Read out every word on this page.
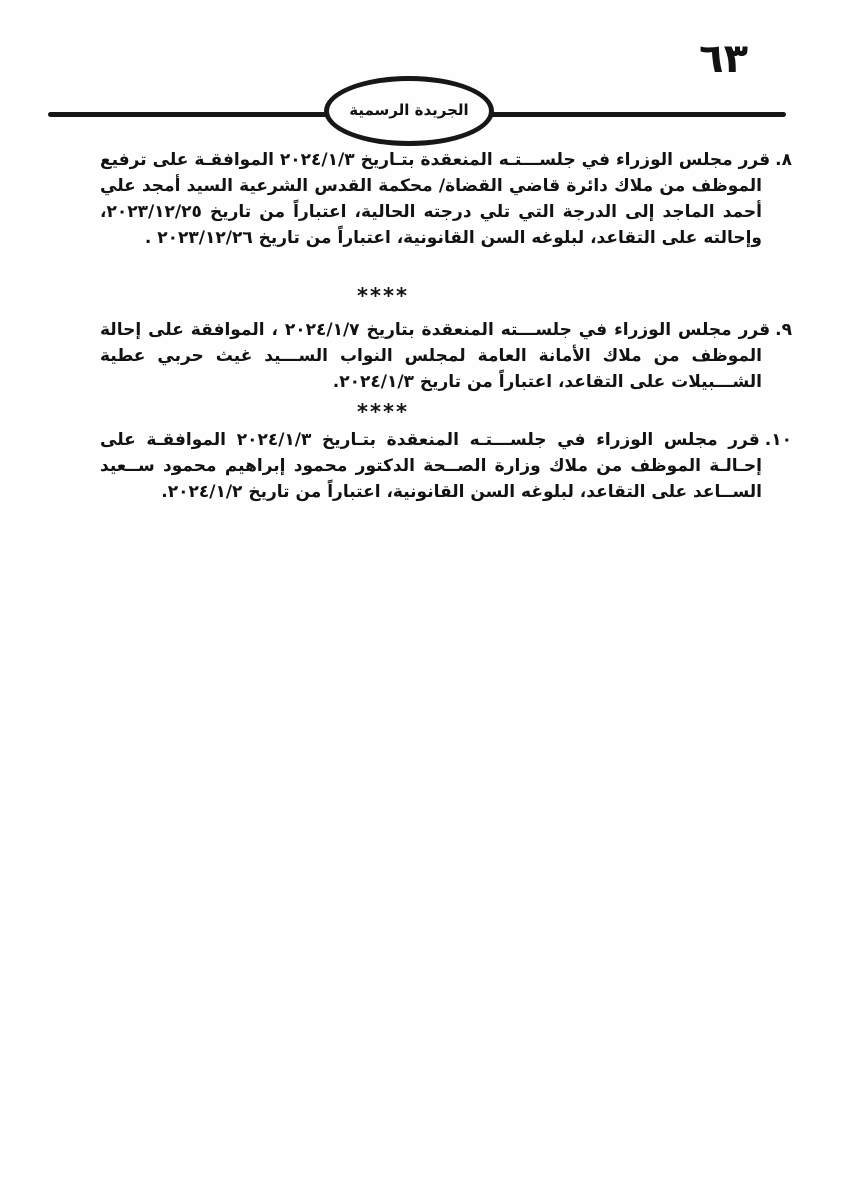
٦٣
الجريدة الرسمية

٨.قرر مجلس الوزراء في جلســـتـه المنعقدة بتـاريخ ٢٠٢٤/١/٣ الموافقـة على ترفيع الموظف من ملاك دائرة قاضي القضاة/ محكمة القدس الشرعية السيد أمجد علي أحمد الماجد إلى الدرجة التي تلي درجته الحالية، اعتباراً من تاريخ ٢٠٢٣/١٢/٢٥، وإحالته على التقاعد، لبلوغه السن القانونية، اعتباراً من تاريخ ٢٠٢٣/١٢/٢٦ .

****

٩.قرر مجلس الوزراء في جلســـته المنعقدة بتاريخ ٢٠٢٤/١/٧ ، الموافقة على إحالة الموظف من ملاك الأمانة العامة لمجلس النواب الســـيد غيث حربي عطية الشـــبيلات على التقاعد، اعتباراً من تاريخ ٢٠٢٤/١/٣.

****

١٠.قرر مجلس الوزراء في جلســـتـه المنعقدة بتـاريخ ٢٠٢٤/١/٣ الموافقـة على إحـالـة الموظف من ملاك وزارة الصــحة الدكتور محمود إبراهيم محمود ســعيد الســاعد على التقاعد، لبلوغه السن القانونية، اعتباراً من تاريخ ٢٠٢٤/١/٢.
